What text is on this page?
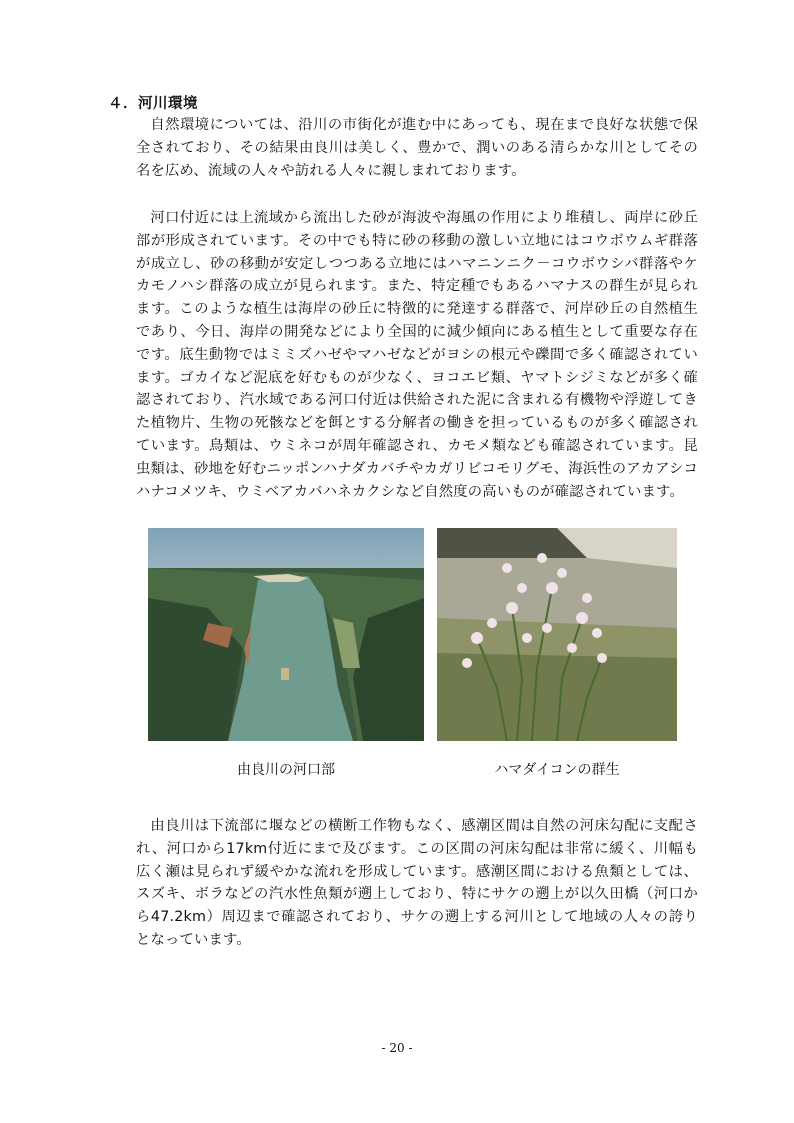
４．河川環境

自然環境については、沿川の市街化が進む中にあっても、現在まで良好な状態で保全されており、その結果由良川は美しく、豊かで、潤いのある清らかな川としてその名を広め、流域の人々や訪れる人々に親しまれております。

河口付近には上流域から流出した砂が海波や海風の作用により堆積し、両岸に砂丘部が形成されています。その中でも特に砂の移動の激しい立地にはコウボウムギ群落が成立し、砂の移動が安定しつつある立地にはハマニンニク－コウボウシバ群落やケカモノハシ群落の成立が見られます。また、特定種でもあるハマナスの群生が見られます。このような植生は海岸の砂丘に特徴的に発達する群落で、河岸砂丘の自然植生であり、今日、海岸の開発などにより全国的に減少傾向にある植生として重要な存在です。底生動物ではミミズハゼやマハゼなどがヨシの根元や礫間で多く確認されています。ゴカイなど泥底を好むものが少なく、ヨコエビ類、ヤマトシジミなどが多く確認されており、汽水域である河口付近は供給された泥に含まれる有機物や浮遊してきた植物片、生物の死骸などを餌とする分解者の働きを担っているものが多く確認されています。鳥類は、ウミネコが周年確認され、カモメ類なども確認されています。昆虫類は、砂地を好むニッポンハナダカバチやカガリビコモリグモ、海浜性のアカアシコハナコメツキ、ウミベアカバハネカクシなど自然度の高いものが確認されています。

由良川の河口部	ハマダイコンの群生

由良川は下流部に堰などの横断工作物もなく、感潮区間は自然の河床勾配に支配され、河口から17km付近にまで及びます。この区間の河床勾配は非常に緩く、川幅も広く瀬は見られず緩やかな流れを形成しています。感潮区間における魚類としては、スズキ、ボラなどの汽水性魚類が遡上しており、特にサケの遡上が以久田橋（河口から47.2km）周辺まで確認されており、サケの遡上する河川として地域の人々の誇りとなっています。

- 20 -
